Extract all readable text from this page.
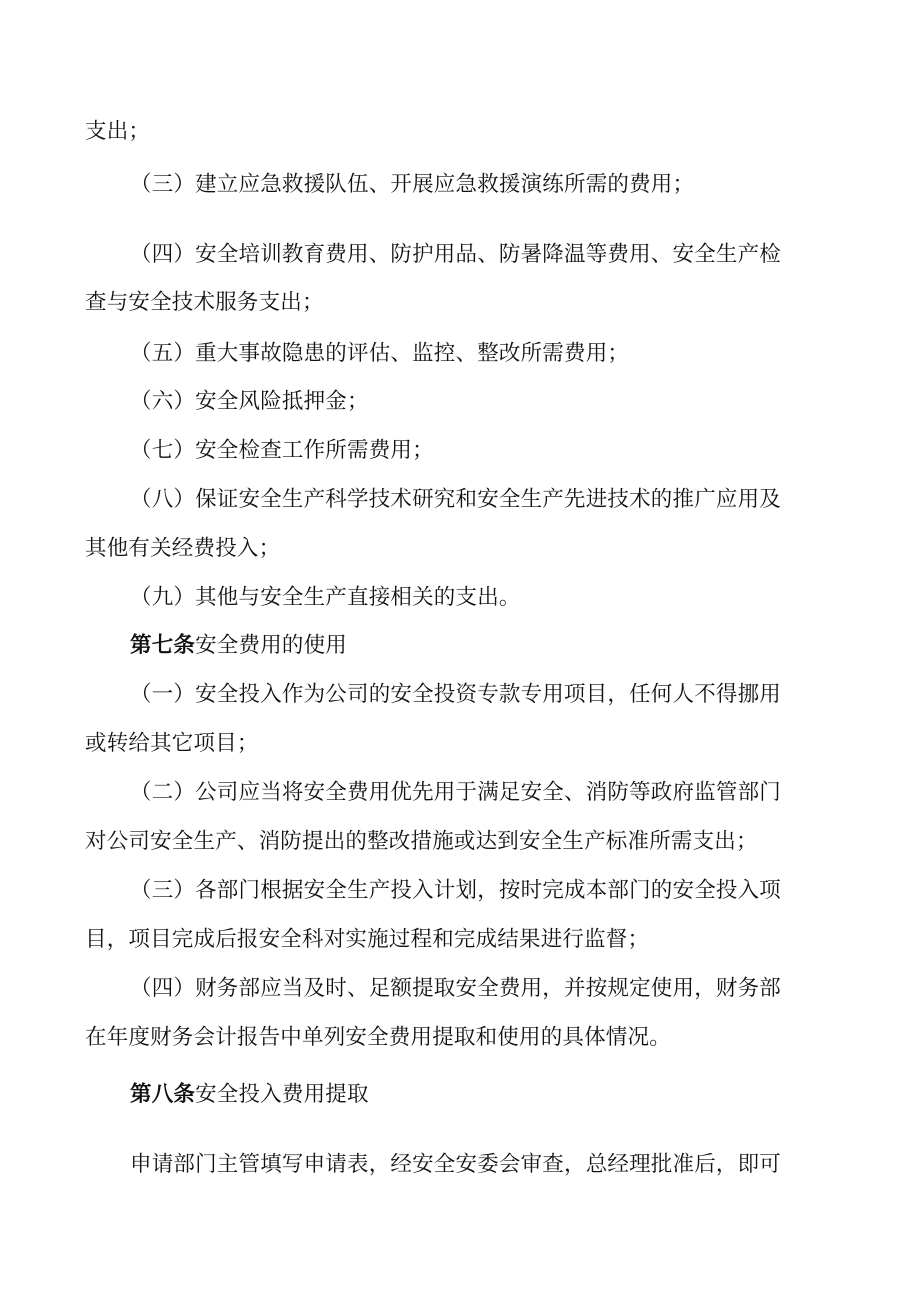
支出；
（三）建立应急救援队伍、开展应急救援演练所需的费用；
（四）安全培训教育费用、防护用品、防暑降温等费用、安全生产检
查与安全技术服务支出；
（五）重大事故隐患的评估、监控、整改所需费用；
（六）安全风险抵押金；
（七）安全检查工作所需费用；
（八）保证安全生产科学技术研究和安全生产先进技术的推广应用及
其他有关经费投入；
（九）其他与安全生产直接相关的支出。
第七条安全费用的使用
（一）安全投入作为公司的安全投资专款专用项目，任何人不得挪用
或转给其它项目；
（二）公司应当将安全费用优先用于满足安全、消防等政府监管部门
对公司安全生产、消防提出的整改措施或达到安全生产标准所需支出；
（三）各部门根据安全生产投入计划，按时完成本部门的安全投入项
目，项目完成后报安全科对实施过程和完成结果进行监督；
（四）财务部应当及时、足额提取安全费用，并按规定使用，财务部
在年度财务会计报告中单列安全费用提取和使用的具体情况。
第八条安全投入费用提取
申请部门主管填写申请表，经安全安委会审查，总经理批准后，即可
